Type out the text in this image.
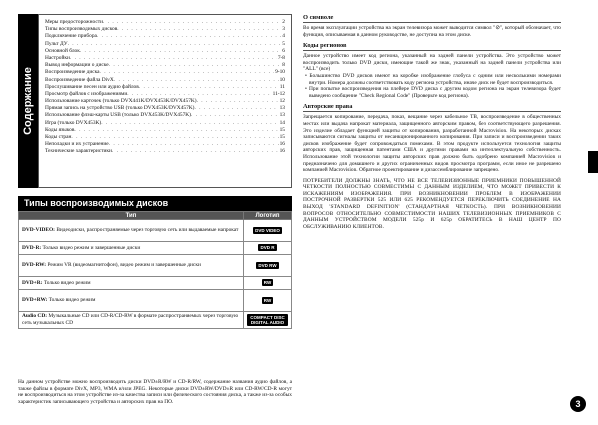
Содержание
Меры предосторожности . . .	2
Типы воспроизводимых дисков . . .	3
Подключение прибора . . .	4
Пульт ДУ . . .	5
Основной блок . . .	6
Настройки . . .	7-8
Вывод информации о диске . . .	8
Воспроизведение диска . . .	9-10
Воспроизведение файла DivX . . .	10
Прослушивание песен или аудио файлов . . .	11
Просмотр файлов с изображениями . . .	11-12
Использование карточек (только DVX441K/DVX453K/DVX457K) . . .	12
Прямая запись на устройство USB (только DVX453K/DVX457K) . . .	13
Использование флэш-карты USB (только DVX453K/DVX457K) . . .	13
Игра (только DVX453K) . . .	14
Коды языков . . .	15
Коды стран . . .	15
Неполадки и их устранение . . .	16
Технические характеристики . . .	16
Типы воспроизводимых дисков
Тип	Логотип
DVD-VIDEO: Видеодиски, распространяемые через торговую сеть или выдаваемые напрокат	DVD VIDEO
DVD-R: Только видео режим и завершенные диски	DVD R
DVD-RW: Режим VR (видеомагнитофон), видео режим и завершенные диски	DVD RW
DVD+R: Только видео режим	RW
DVD+RW: Только видео режим	RW
Audio CD: Музыкальные CD или CD-R/CD-RW в формате распространяемых через торговую сеть музыкальных CD	COMPACT DISC DIGITAL AUDIO
На данном устройстве можно воспроизводить диски DVD±R/RW и CD-R/RW, содержание названия аудио файлов, а также файлы в формате DivX, MP3, WMA и/или JPEG. Некоторые диски DVD±RW/DVD±R или CD-RW/CD-R могут не воспроизводиться на этом устройстве из-за качества записи или физического состояния диска, а также из-за особых характеристик записывающего устройства и авторских прав на ПО.
О символе
Во время эксплуатации устройства на экран телевизора может выводится символ "⊘", который обозначает, что функция, описываемая в данном руководстве, не доступна на этом диске.
Коды регионов
Данное устройство имеет код региона, указанный на задней панели устройства. Это устройство может воспроизводить только DVD диски, имеющие такой же знак, указанный на задней панели устройства или "ALL" (все)
• Большинство DVD дисков имеют на коробке изображение глобуса с одним или несколькими номерами внутри. Номера должны соответствовать коду региона устройства, иначе диск не будет воспроизводиться.
• При попытке воспроизведения на плейере DVD диска с другим кодом региона на экран телевизора будет выведено сообщение "Check Regional Code" (Проверьте код региона).
Авторские права
Запрещается копирование, передача, показ, вещание через кабельное ТВ, воспроизведение в общественных местах или выдача напрокат материала, защищенного авторским правом, без соответствующего разрешения. Это изделие обладает функцией защиты от копирования, разработанной Macrovision. На некоторых дисках записываются сигналы защиты от несанкционированного копирования. При записи и воспроизведении таких дисков изображение будет сопровождаться помехами. В этом продукте используется технология защиты авторских прав, защищенная патентами США и другими правами на интеллектуальную собственность. Использование этой технологии защиты авторских прав должно быть одобрено компанией Macrovision и предназначено для домашнего и других ограниченных видов просмотра программ, если иное не разрешено компанией Macrovision. Обратное проектирование и дизассемблирование запрещено.
ПОТРЕБИТЕЛИ ДОЛЖНЫ ЗНАТЬ, ЧТО НЕ ВСЕ ТЕЛЕВИЗИОННЫЕ ПРИЕМНИКИ ПОВЫШЕННОЙ ЧЕТКОСТИ ПОЛНОСТЬЮ СОВМЕСТИМЫ С ДАННЫМ ИЗДЕЛИЕМ, ЧТО МОЖЕТ ПРИВЕСТИ К ИСКАЖЕНИЯМ ИЗОБРАЖЕНИЯ. ПРИ ВОЗНИКНОВЕНИИ ПРОБЛЕМ В ИЗОБРАЖЕНИИ ПОСТРОЧНОЙ РАЗВЕРТКИ 525 ИЛИ 625 РЕКОМЕНДУЕТСЯ ПЕРЕКЛЮЧИТЬ СОЕДИНЕНИЕ НА ВЫХОД 'STANDARD DEFINITION' (СТАНДАРТНАЯ ЧЕТКОСТЬ). ПРИ ВОЗНИКНОВЕНИИ ВОПРОСОВ ОТНОСИТЕЛЬНО СОВМЕСТИМОСТИ НАШИХ ТЕЛЕВИЗИОННЫХ ПРИЕМНИКОВ С ДАННЫМ УСТРОЙСТВОМ МОДЕЛИ 525p И 625p ОБРАТИТЕСЬ В НАШ ЦЕНТР ПО ОБСЛУЖИВАНИЮ КЛИЕНТОВ.
3
